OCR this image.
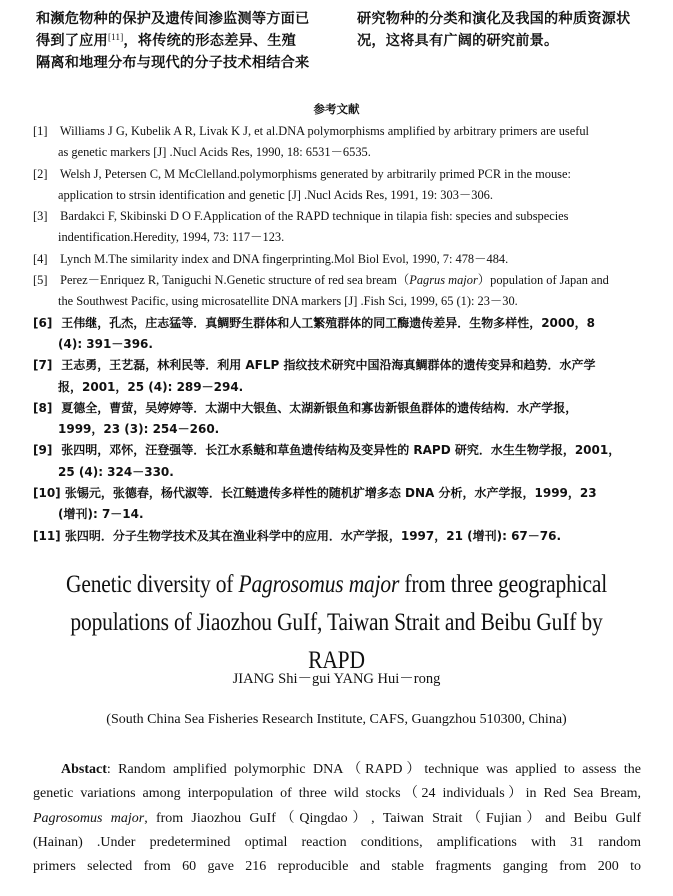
和濒危物种的保护及遗传间渗监测等方面已

得到了应用[11]，将传统的形态差异、生殖

隔离和地理分布与现代的分子技术相结合来

研究物种的分类和演化及我国的种质资源状

况，这将具有广阔的研究前景。

参考文献
[1] Williams J G, Kubelik A R, Livak K J, et al.DNA polymorphisms amplified by arbitrary primers are useful
as genetic markers [J] .Nucl Acids Res, 1990, 18: 6531－6535.
[2] Welsh J, Petersen C, M McClelland.polymorphisms generated by arbitrarily primed PCR in the mouse:
application to strsin identification and genetic [J] .Nucl Acids Res, 1991, 19: 303－306.
[3] Bardakci F, Skibinski D O F.Application of the RAPD technique in tilapia fish: species and subspecies
indentification.Heredity, 1994, 73: 117－123.
[4] Lynch M.The similarity index and DNA fingerprinting.Mol Biol Evol, 1990, 7: 478－484.
[5] Perez－Enriquez R, Taniguchi N.Genetic structure of red sea bream（Pagrus major）population of Japan and
the Southwest Pacific, using microsatellite DNA markers [J] .Fish Sci, 1999, 65 (1): 23－30.
[6] 王伟继，孔杰，庄志猛等．真鲷野生群体和人工繁殖群体的同工酶遗传差异．生物多样性，2000，8
(4): 391－396.
[7] 王志勇，王艺磊，林利民等．利用 AFLP 指纹技术研究中国沿海真鲷群体的遗传变异和趋势．水产学
报，2001，25 (4): 289－294.
[8] 夏德全，曹萤，吴婷婷等．太湖中大银鱼、太湖新银鱼和寡齿新银鱼群体的遗传结构．水产学报，
1999，23 (3): 254－260.
[9] 张四明，邓怀，汪登强等．长江水系鲢和草鱼遗传结构及变异性的 RAPD 研究．水生生物学报，2001，
25 (4): 324－330.
[10] 张锡元，张德春，杨代淑等．长江鲢遗传多样性的随机扩增多态 DNA 分析，水产学报，1999，23
(增刊): 7－14.
[11] 张四明．分子生物学技术及其在渔业科学中的应用．水产学报，1997，21 (增刊): 67－76.
Genetic diversity of Pagrosomus major from three geographical
populations of Jiaozhou GuIf, Taiwan Strait and Beibu GuIf by RAPD
JIANG Shi－gui YANG Hui－rong
(South China Sea Fisheries Research Institute, CAFS, Guangzhou 510300, China)
Abstact: Random amplified polymorphic DNA（RAPD）technique was applied to assess the
genetic variations among interpopulation of three wild stocks（24 individuals）in Red Sea Bream,
Pagrosomus major, from Jiaozhou GuIf（Qingdao）, Taiwan Strait（Fujian）and Beibu Gulf
(Hainan) .Under predetermined optimal reaction conditions, amplifications with 31 random
primers selected from 60 gave 216 reproducible and stable fragments ganging from 200 to
